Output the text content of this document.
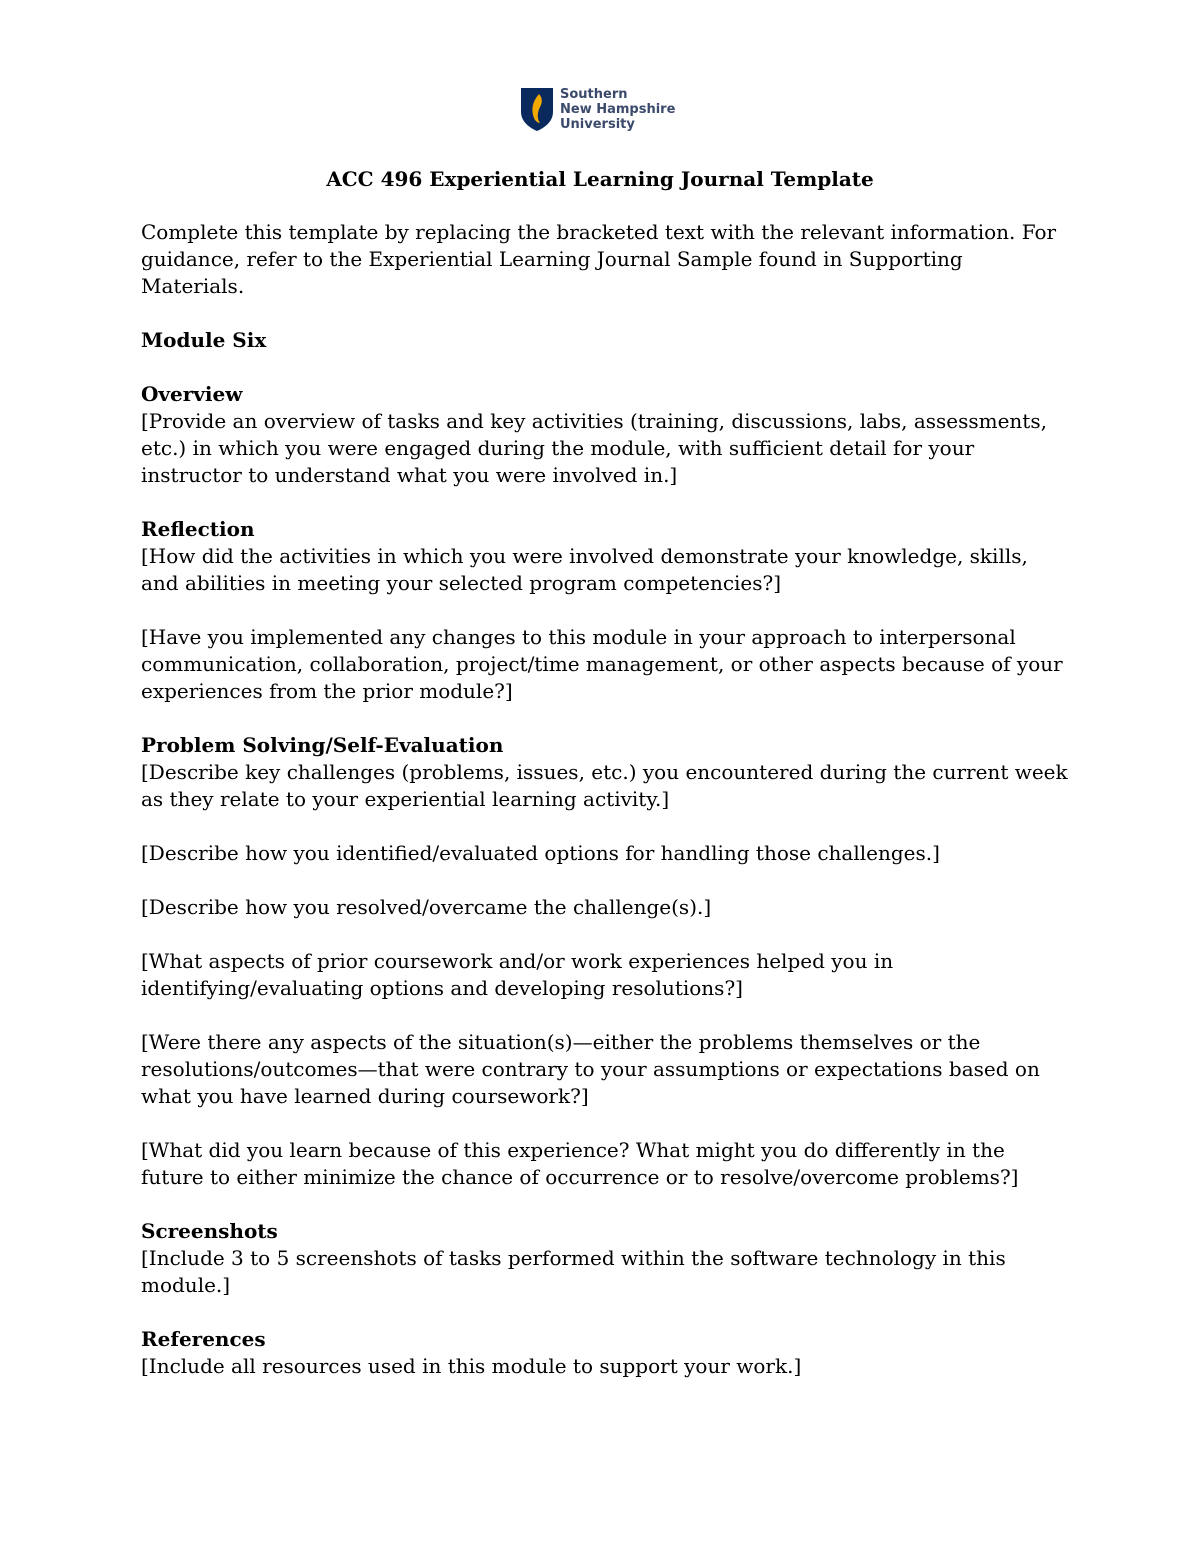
Southern
New Hampshire
University
ACC 496 Experiential Learning Journal Template

Complete this template by replacing the bracketed text with the relevant information. For guidance, refer to the Experiential Learning Journal Sample found in Supporting Materials.

Module Six

Overview

[Provide an overview of tasks and key activities (training, discussions, labs, assessments, etc.) in which you were engaged during the module, with sufficient detail for your instructor to understand what you were involved in.]

Reflection

[How did the activities in which you were involved demonstrate your knowledge, skills, and abilities in meeting your selected program competencies?]

[Have you implemented any changes to this module in your approach to interpersonal communication, collaboration, project/time management, or other aspects because of your experiences from the prior module?]

Problem Solving/Self-Evaluation

[Describe key challenges (problems, issues, etc.) you encountered during the current week as they relate to your experiential learning activity.]

[Describe how you identified/evaluated options for handling those challenges.]

[Describe how you resolved/overcame the challenge(s).]

[What aspects of prior coursework and/or work experiences helped you in identifying/evaluating options and developing resolutions?]

[Were there any aspects of the situation(s)—either the problems themselves or the resolutions/outcomes—that were contrary to your assumptions or expectations based on what you have learned during coursework?]

[What did you learn because of this experience? What might you do differently in the future to either minimize the chance of occurrence or to resolve/overcome problems?]

Screenshots

[Include 3 to 5 screenshots of tasks performed within the software technology in this module.]

References

[Include all resources used in this module to support your work.]
